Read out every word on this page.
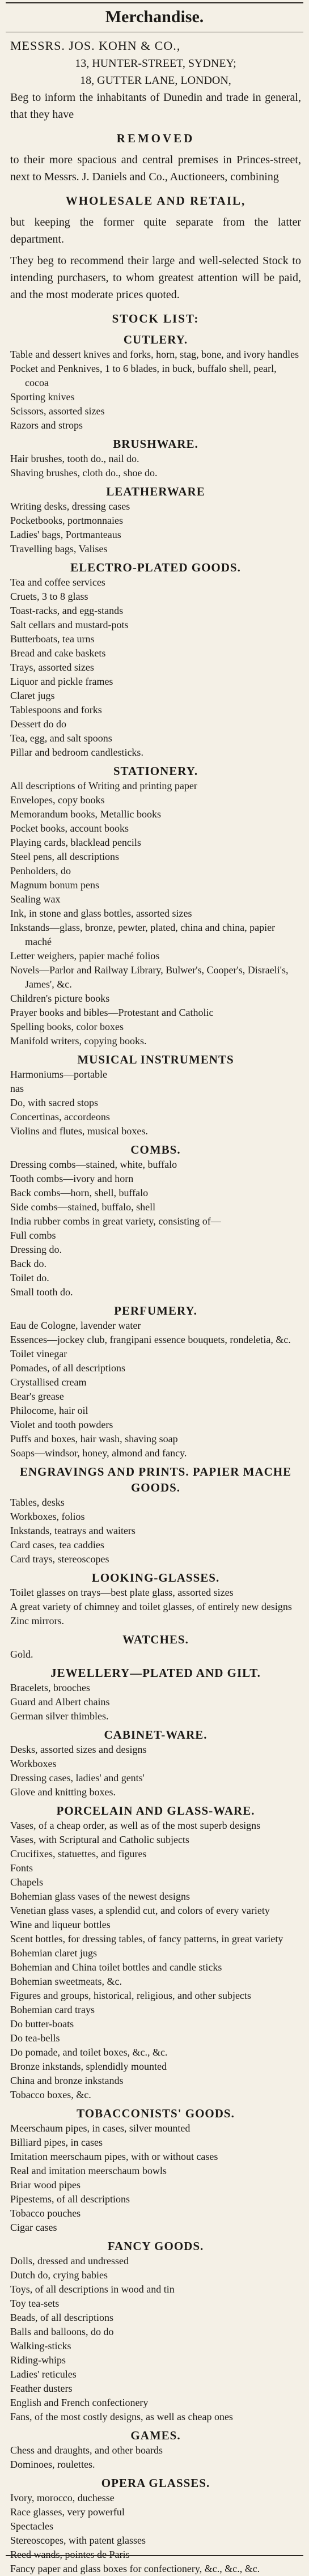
Merchandise.
MESSRS. JOS. KOHN & CO.,
13, HUNTER-STREET, SYDNEY;
18, GUTTER LANE, LONDON,
Beg to inform the inhabitants of Dunedin and trade in general, that they have
REMOVED
to their more spacious and central premises in Princes-street, next to Messrs. J. Daniels and Co., Auctioneers, combining
WHOLESALE AND RETAIL,
but keeping the former quite separate from the latter department.
They beg to recommend their large and well-selected Stock to intending purchasers, to whom greatest attention will be paid, and the most moderate prices quoted.
STOCK LIST:
CUTLERY.
Table and dessert knives and forks, horn, stag, bone, and ivory handles
Pocket and Penknives, 1 to 6 blades, in buck, buffalo shell, pearl, cocoa
Sporting knives
Scissors, assorted sizes
Razors and strops
BRUSHWARE.
Hair brushes, tooth do., nail do.
Shaving brushes, cloth do., shoe do.
LEATHERWARE
Writing desks, dressing cases
Pocketbooks, portmonnaies
Ladies' bags, Portmanteaus
Travelling bags, Valises
ELECTRO-PLATED GOODS.
Tea and coffee services
Cruets, 3 to 8 glass
Toast-racks, and egg-stands
Salt cellars and mustard-pots
Butterboats, tea urns
Bread and cake baskets
Trays, assorted sizes
Liquor and pickle frames
Claret jugs
Tablespoons and forks
Dessert do do
Tea, egg, and salt spoons
Pillar and bedroom candlesticks.
STATIONERY.
All descriptions of Writing and printing paper
Envelopes, copy books
Memorandum books, Metallic books
Pocket books, account books
Playing cards, blacklead pencils
Steel pens, all descriptions
Penholders, do
Magnum bonum pens
Sealing wax
Ink, in stone and glass bottles, assorted sizes
Inkstands—glass, bronze, pewter, plated, china and china, papier maché
Letter weighers, papier maché folios
Novels—Parlor and Railway Library, Bulwer's, Cooper's, Disraeli's, James', &c.
Children's picture books
Prayer books and bibles—Protestant and Catholic
Spelling books, color boxes
Manifold writers, copying books.
MUSICAL INSTRUMENTS
Harmoniums—portable
nas
Do, with sacred stops
Concertinas, accordeons
Violins and flutes, musical boxes.
COMBS.
Dressing combs—stained, white, buffalo
Tooth combs—ivory and horn
Back combs—horn, shell, buffalo
Side combs—stained, buffalo, shell
India rubber combs in great variety, consisting of—
Full combs
Dressing do.
Back do.
Toilet do.
Small tooth do.
PERFUMERY.
Eau de Cologne, lavender water
Essences—jockey club, frangipani essence bouquets, rondeletia, &c.
Toilet vinegar
Pomades, of all descriptions
Crystallised cream
Bear's grease
Philocome, hair oil
Violet and tooth powders
Puffs and boxes, hair wash, shaving soap
Soaps—windsor, honey, almond and fancy.
ENGRAVINGS AND PRINTS. PAPIER MACHE GOODS.
Tables, desks
Workboxes, folios
Inkstands, teatrays and waiters
Card cases, tea caddies
Card trays, stereoscopes
LOOKING-GLASSES.
Toilet glasses on trays—best plate glass, assorted sizes
A great variety of chimney and toilet glasses, of entirely new designs
Zinc mirrors.
WATCHES.
Gold.
JEWELLERY—PLATED AND GILT.
Bracelets, brooches
Guard and Albert chains
German silver thimbles.
CABINET-WARE.
Desks, assorted sizes and designs
Workboxes
Dressing cases, ladies' and gents'
Glove and knitting boxes.
PORCELAIN AND GLASS-WARE.
Vases, of a cheap order, as well as of the most superb designs
Vases, with Scriptural and Catholic subjects
Crucifixes, statuettes, and figures
Fonts
Chapels
Bohemian glass vases of the newest designs
Venetian glass vases, a splendid cut, and colors of every variety
Wine and liqueur bottles
Scent bottles, for dressing tables, of fancy patterns, in great variety
Bohemian claret jugs
Bohemian and China toilet bottles and candle sticks
Bohemian sweetmeats, &c.
Figures and groups, historical, religious, and other subjects
Bohemian card trays
Do butter-boats
Do tea-bells
Do pomade, and toilet boxes, &c., &c.
Bronze inkstands, splendidly mounted
China and bronze inkstands
Tobacco boxes, &c.
TOBACCONISTS' GOODS.
Meerschaum pipes, in cases, silver mounted
Billiard pipes, in cases
Imitation meerschaum pipes, with or without cases
Real and imitation meerschaum bowls
Briar wood pipes
Pipestems, of all descriptions
Tobacco pouches
Cigar cases
FANCY GOODS.
Dolls, dressed and undressed
Dutch do, crying babies
Toys, of all descriptions in wood and tin
Toy tea-sets
Beads, of all descriptions
Balls and balloons, do do
Walking-sticks
Riding-whips
Ladies' reticules
Feather dusters
English and French confectionery
Fans, of the most costly designs, as well as cheap ones
GAMES.
Chess and draughts, and other boards
Dominoes, roulettes.
OPERA GLASSES.
Ivory, morocco, duchesse
Race glasses, very powerful
Spectacles
Stereoscopes, with patent glasses
Reed wands, pointes de Paris
Fancy paper and glass boxes for confectionery, &c., &c., &c.
